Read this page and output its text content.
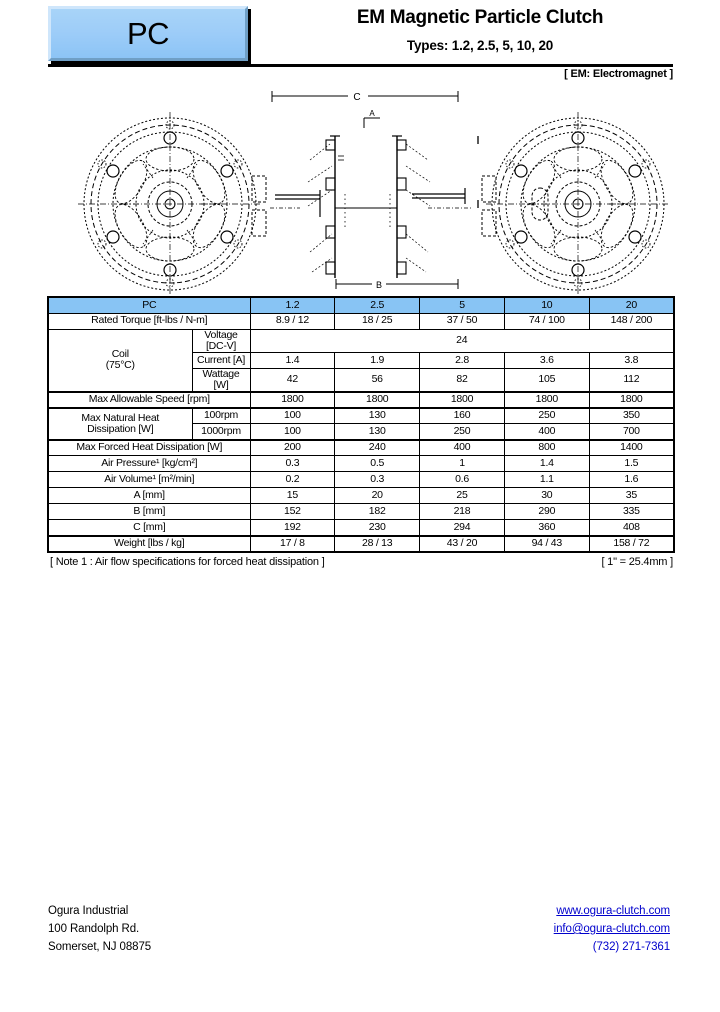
PC	EM Magnetic Particle Clutch
Types: 1.2, 2.5, 5, 10, 20
[ EM: Electromagnet ]
C
A
B
PC		1.2	2.5	5	10	20
Rated Torque [ft-lbs / N-m]		8.9 / 12	18 / 25	37 / 50	74 / 100	148 / 200
Coil
(75°C)	Voltage [DC-V]	24				
	Current [A]	1.4	1.9	2.8	3.6	3.8
	Wattage [W]	42	56	82	105	112
Max Allowable Speed [rpm]		1800	1800	1800	1800	1800
Max Natural Heat
Dissipation [W]	100rpm	100	130	160	250	350
	1000rpm	100	130	250	400	700
Max Forced Heat Dissipation [W]		200	240	400	800	1400
Air Pressure¹ [kg/cm²]		0.3	0.5	1	1.4	1.5
Air Volume¹ [m²/min]		0.2	0.3	0.6	1.1	1.6
A [mm]		15	20	25	30	35
B [mm]		152	182	218	290	335
C [mm]		192	230	294	360	408
Weight [lbs / kg]		17 / 8	28 / 13	43 / 20	94 / 43	158 / 72
[ Note 1 : Air flow specifications for forced heat dissipation ]	[ 1" = 25.4mm ]
Ogura Industrial
100 Randolph Rd.
Somerset, NJ 08875
www.ogura-clutch.com
info@ogura-clutch.com
(732) 271-7361
